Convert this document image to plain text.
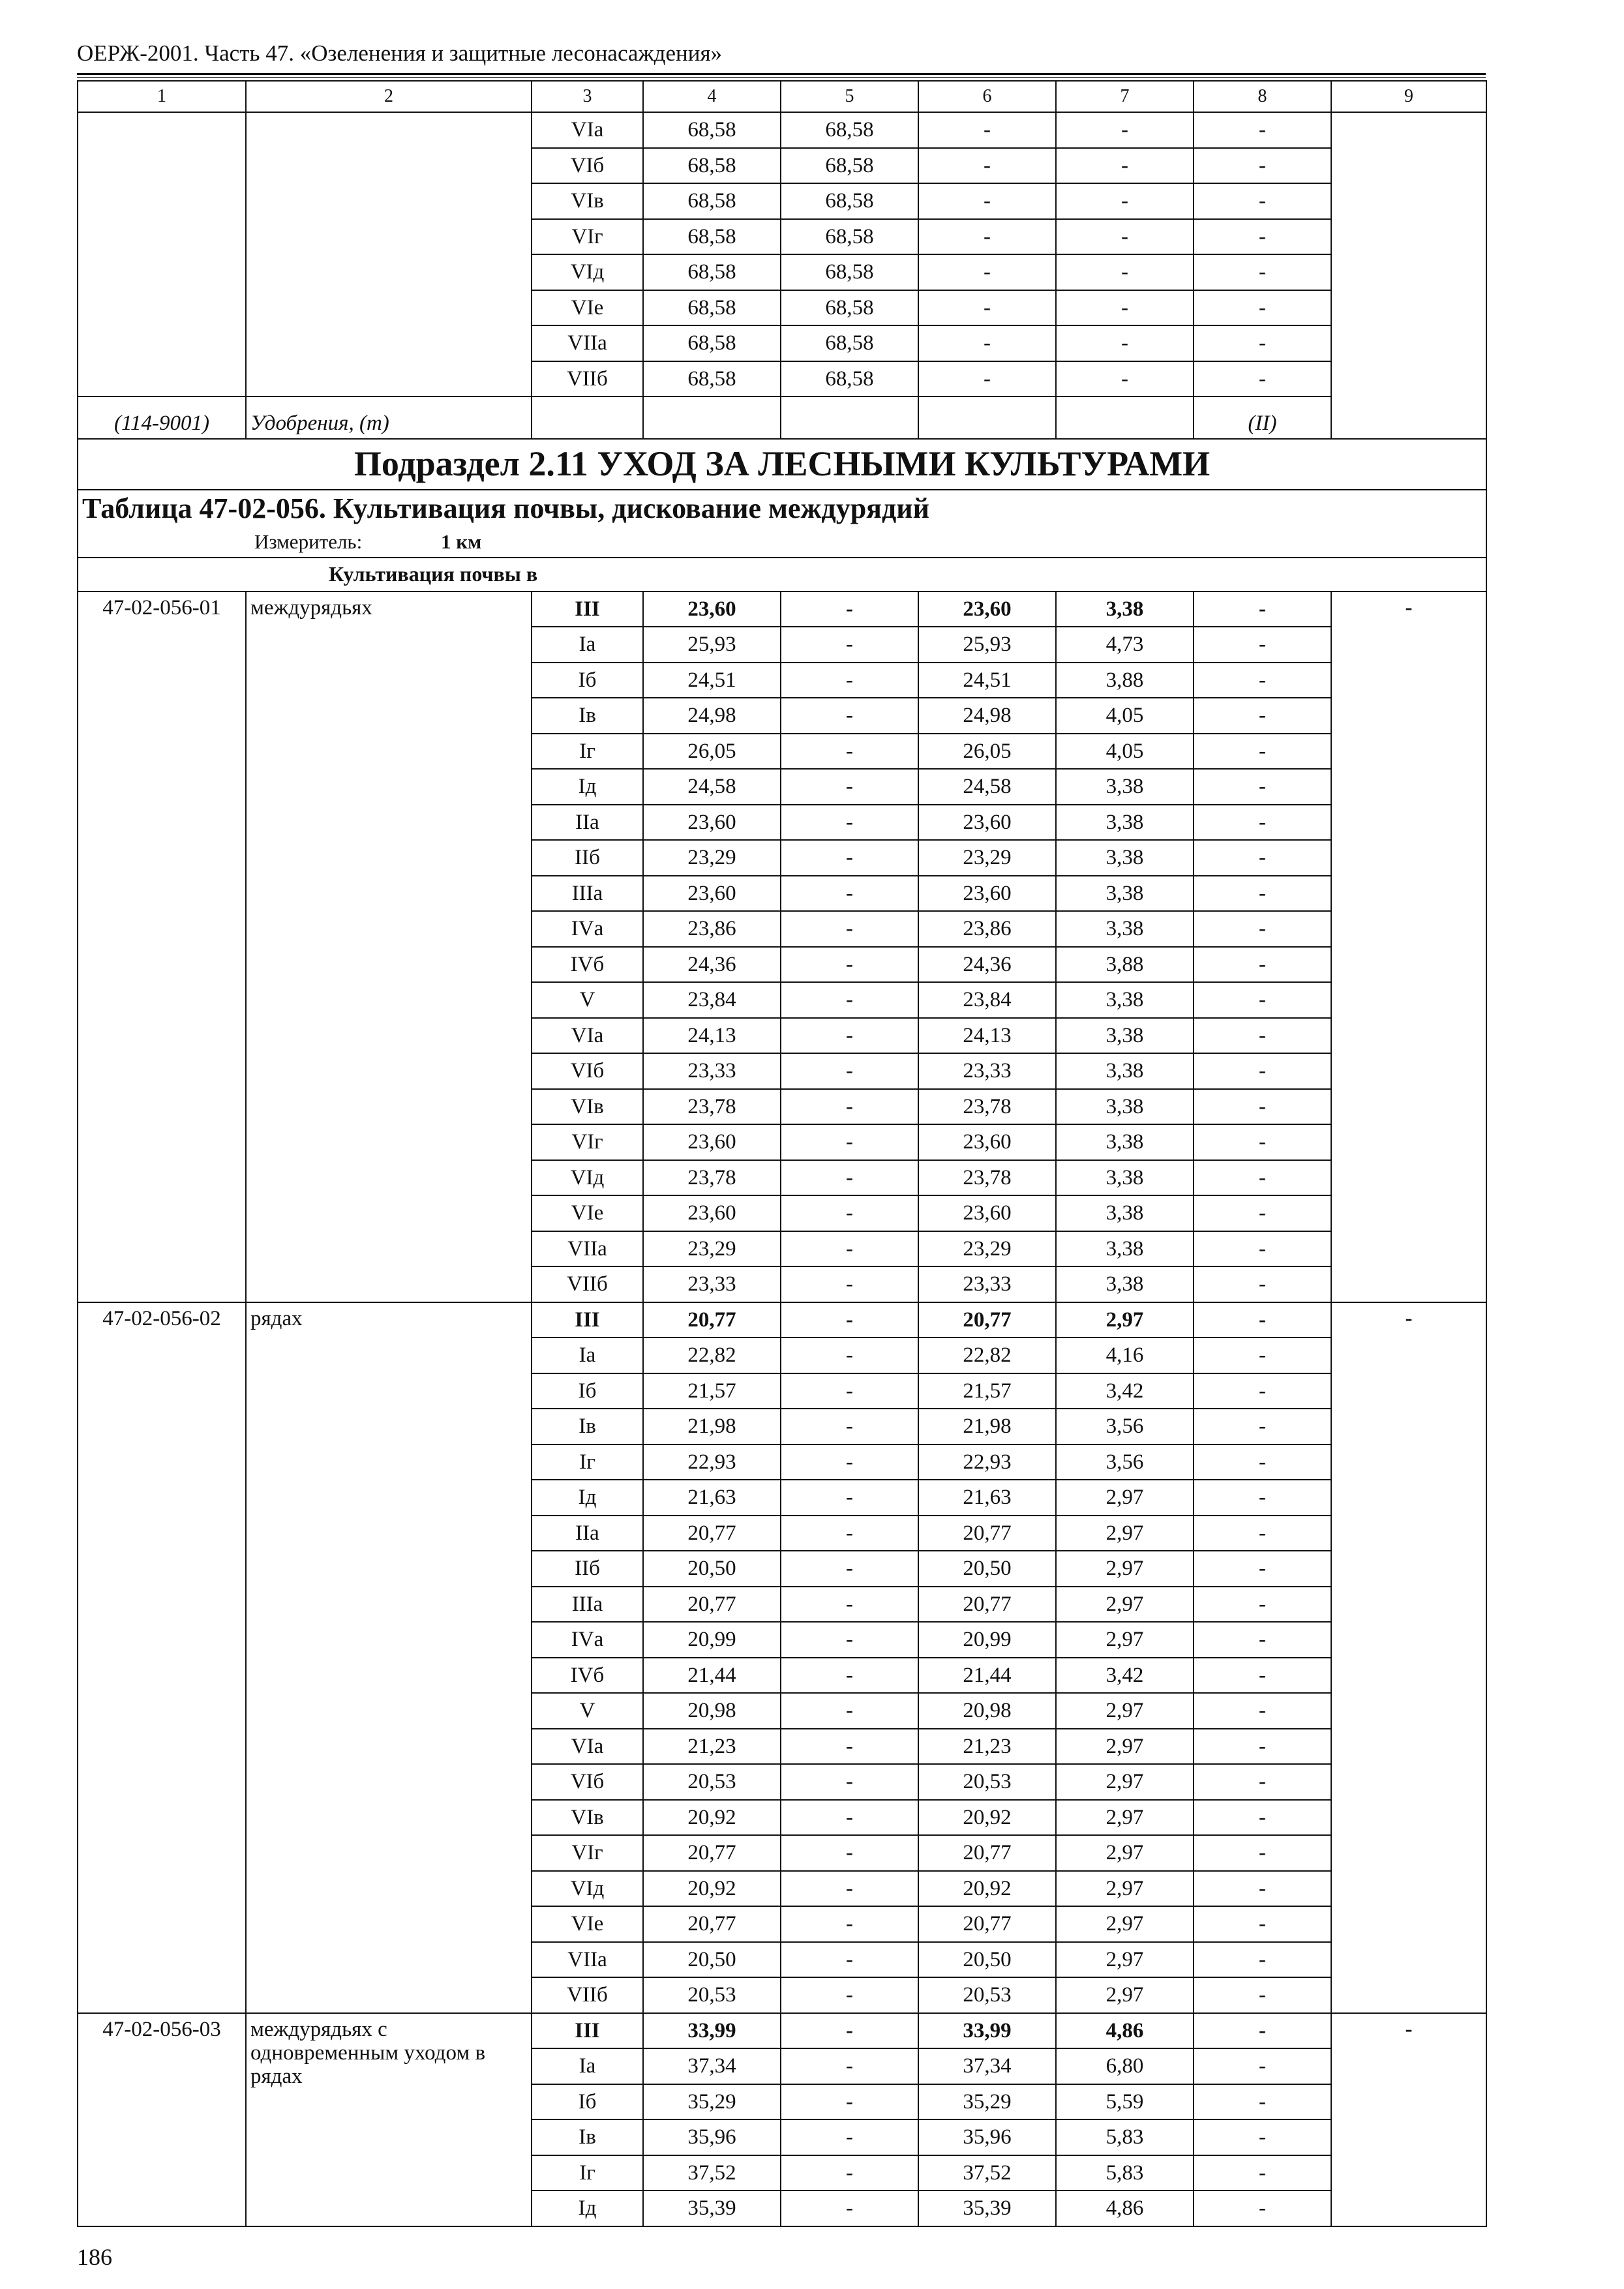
ОЕРЖ-2001. Часть 47. «Озеленения и защитные лесонасаждения»
1	2	3	4	5	6	7	8	9
		VIа	68,58	68,58	-	-	-	
		VIб	68,58	68,58	-	-	-	
		VIв	68,58	68,58	-	-	-	
		VIг	68,58	68,58	-	-	-	
		VIд	68,58	68,58	-	-	-	
		VIе	68,58	68,58	-	-	-	
		VIIа	68,58	68,58	-	-	-	
		VIIб	68,58	68,58	-	-	-	
(114-9001)	Удобрения, (т)						(II)	
Подраздел 2.11 УХОД ЗА ЛЕСНЫМИ КУЛЬТУРАМИ								
Таблица 47-02-056. Культивация почвы, дискование междурядий								
Измеритель: 1 км								
Культивация почвы в								
47-02-056-01	междурядьях	III	23,60	-	23,60	3,38	-	-
		Iа	25,93	-	25,93	4,73	-	
		Iб	24,51	-	24,51	3,88	-	
		Iв	24,98	-	24,98	4,05	-	
		Iг	26,05	-	26,05	4,05	-	
		Iд	24,58	-	24,58	3,38	-	
		IIа	23,60	-	23,60	3,38	-	
		IIб	23,29	-	23,29	3,38	-	
		IIIа	23,60	-	23,60	3,38	-	
		IVа	23,86	-	23,86	3,38	-	
		IVб	24,36	-	24,36	3,88	-	
		V	23,84	-	23,84	3,38	-	
		VIа	24,13	-	24,13	3,38	-	
		VIб	23,33	-	23,33	3,38	-	
		VIв	23,78	-	23,78	3,38	-	
		VIг	23,60	-	23,60	3,38	-	
		VIд	23,78	-	23,78	3,38	-	
		VIе	23,60	-	23,60	3,38	-	
		VIIа	23,29	-	23,29	3,38	-	
		VIIб	23,33	-	23,33	3,38	-	
47-02-056-02	рядах	III	20,77	-	20,77	2,97	-	-
		Iа	22,82	-	22,82	4,16	-	
		Iб	21,57	-	21,57	3,42	-	
		Iв	21,98	-	21,98	3,56	-	
		Iг	22,93	-	22,93	3,56	-	
		Iд	21,63	-	21,63	2,97	-	
		IIа	20,77	-	20,77	2,97	-	
		IIб	20,50	-	20,50	2,97	-	
		IIIа	20,77	-	20,77	2,97	-	
		IVа	20,99	-	20,99	2,97	-	
		IVб	21,44	-	21,44	3,42	-	
		V	20,98	-	20,98	2,97	-	
		VIа	21,23	-	21,23	2,97	-	
		VIб	20,53	-	20,53	2,97	-	
		VIв	20,92	-	20,92	2,97	-	
		VIг	20,77	-	20,77	2,97	-	
		VIд	20,92	-	20,92	2,97	-	
		VIе	20,77	-	20,77	2,97	-	
		VIIа	20,50	-	20,50	2,97	-	
		VIIб	20,53	-	20,53	2,97	-	
47-02-056-03	междурядьях с одновременным уходом в рядах	III	33,99	-	33,99	4,86	-	-
		Iа	37,34	-	37,34	6,80	-	
		Iб	35,29	-	35,29	5,59	-	
		Iв	35,96	-	35,96	5,83	-	
		Iг	37,52	-	37,52	5,83	-	
		Iд	35,39	-	35,39	4,86	-	
186
